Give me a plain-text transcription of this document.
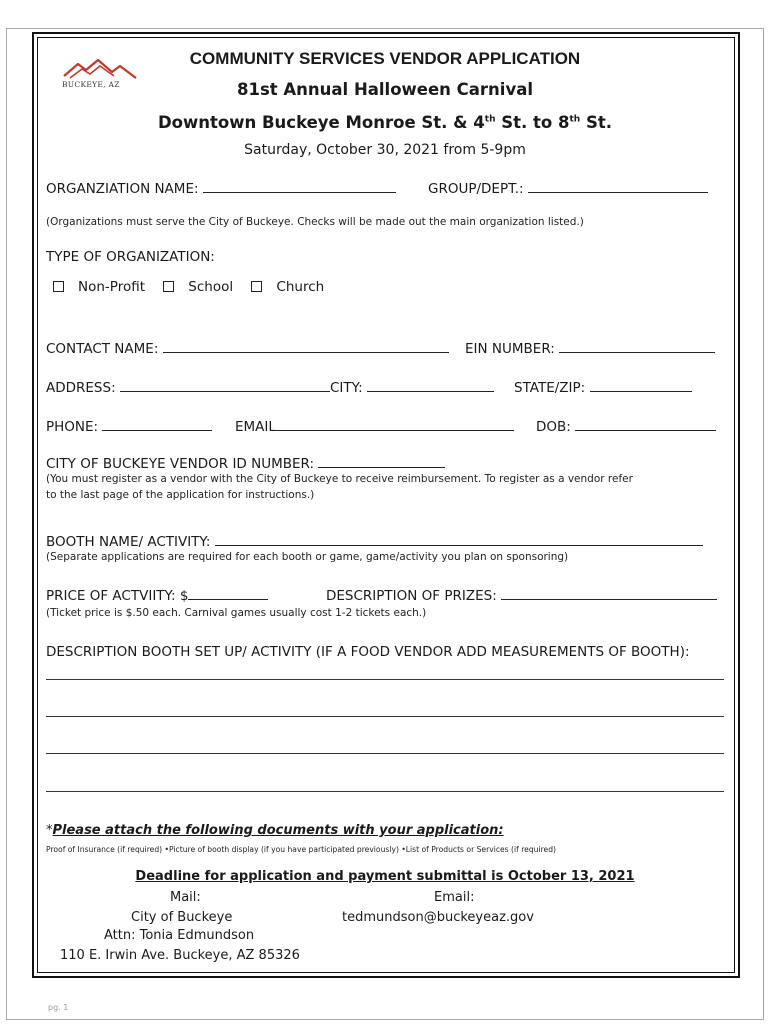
BUCKEYE, AZ
COMMUNITY SERVICES VENDOR APPLICATION
81st Annual Halloween Carnival
Downtown Buckeye Monroe St. & 4th St. to 8th St.
Saturday, October 30, 2021 from 5-9pm
ORGANZIATION NAME:	GROUP/DEPT.:
(Organizations must serve the City of Buckeye. Checks will be made out the main organization listed.)
TYPE OF ORGANIZATION:
Non-Profit	School	Church
CONTACT NAME:	EIN NUMBER:
ADDRESS:	CITY:	STATE/ZIP:
PHONE:	EMAIL	DOB:
CITY OF BUCKEYE VENDOR ID NUMBER:
(You must register as a vendor with the City of Buckeye to receive reimbursement. To register as a vendor refer
to the last page of the application for instructions.)
BOOTH NAME/ ACTIVITY:
(Separate applications are required for each booth or game, game/activity you plan on sponsoring)
PRICE OF ACTVIITY: $	DESCRIPTION OF PRIZES:
(Ticket price is $.50 each. Carnival games usually cost 1-2 tickets each.)
DESCRIPTION BOOTH SET UP/ ACTIVITY (IF A FOOD VENDOR ADD MEASUREMENTS OF BOOTH):
*Please attach the following documents with your application:
Proof of Insurance (if required) •Picture of booth display (if you have participated previously) •List of Products or Services (if required)
Deadline for application and payment submittal is October 13, 2021
Mail:
City of Buckeye
Attn: Tonia Edmundson
110 E. Irwin Ave. Buckeye, AZ 85326
Email:
tedmundson@buckeyeaz.gov
pg. 1
